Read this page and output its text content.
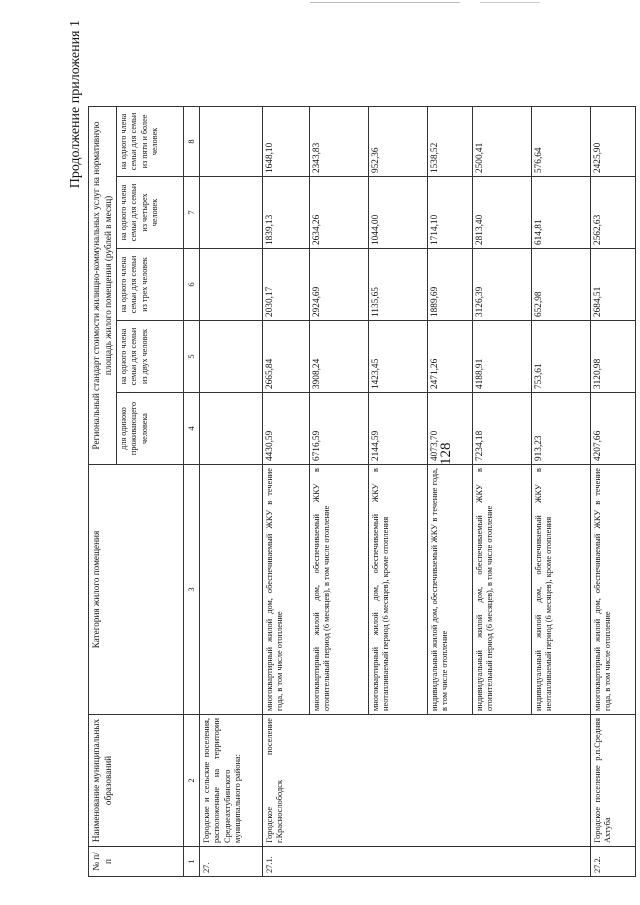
128
Продолжение приложения 1
№ п/п	Наименование муниципальных образований	Категория жилого помещения	Региональный стандарт стоимости жилищно-коммунальных услуг на нормативную площадь жилого помещения (рублей в месяц)				
			для одиноко проживающего человека	на одного члена семьи для семьи из двух человек	на одного члена семьи для семьи из трех человек	на одного члена семьи для семьи из четырех человек	на одного члена семьи для семьи из пяти и более человек
1	2	3	4	5	6	7	8
27.	Городские и сельские поселения, расположенные на территории Среднеахтубинского муниципального района:						
27.1.	Городское поселение г.Краснослободск	многоквартирный жилой дом, обеспечиваемый ЖКУ в течение года, в том числе отопление	4430,59	2665,84	2030,17	1839,13	1648,10
		многоквартирный жилой дом, обеспечиваемый ЖКУ в отопительный период (6 месяцев), в том числе отопление	6716,59	3908,24	2924,69	2634,26	2343,83
		многоквартирный жилой дом, обеспечиваемый ЖКУ в неотапливаемый период (6 месяцев), кроме отопления	2144,59	1423,45	1135,65	1044,00	952,36
		индивидуальный жилой дом, обеспечиваемый ЖКУ в течение года, в том числе отопление	4073,70	2471,26	1889,69	1714,10	1538,52
		индивидуальный жилой дом, обеспечиваемый ЖКУ в отопительный период (6 месяцев), в том числе отопление	7234,18	4188,91	3126,39	2813,40	2500,41
		индивидуальный жилой дом, обеспечиваемый ЖКУ в неотапливаемый период (6 месяцев), кроме отопления	913,23	753,61	652,98	614,81	576,64
27.2.	Городское поселение р.п.Средняя Ахтуба	многоквартирный жилой дом, обеспечиваемый ЖКУ в течение года, в том числе отопление	4207,66	3120,98	2684,51	2562,63	2425,90
